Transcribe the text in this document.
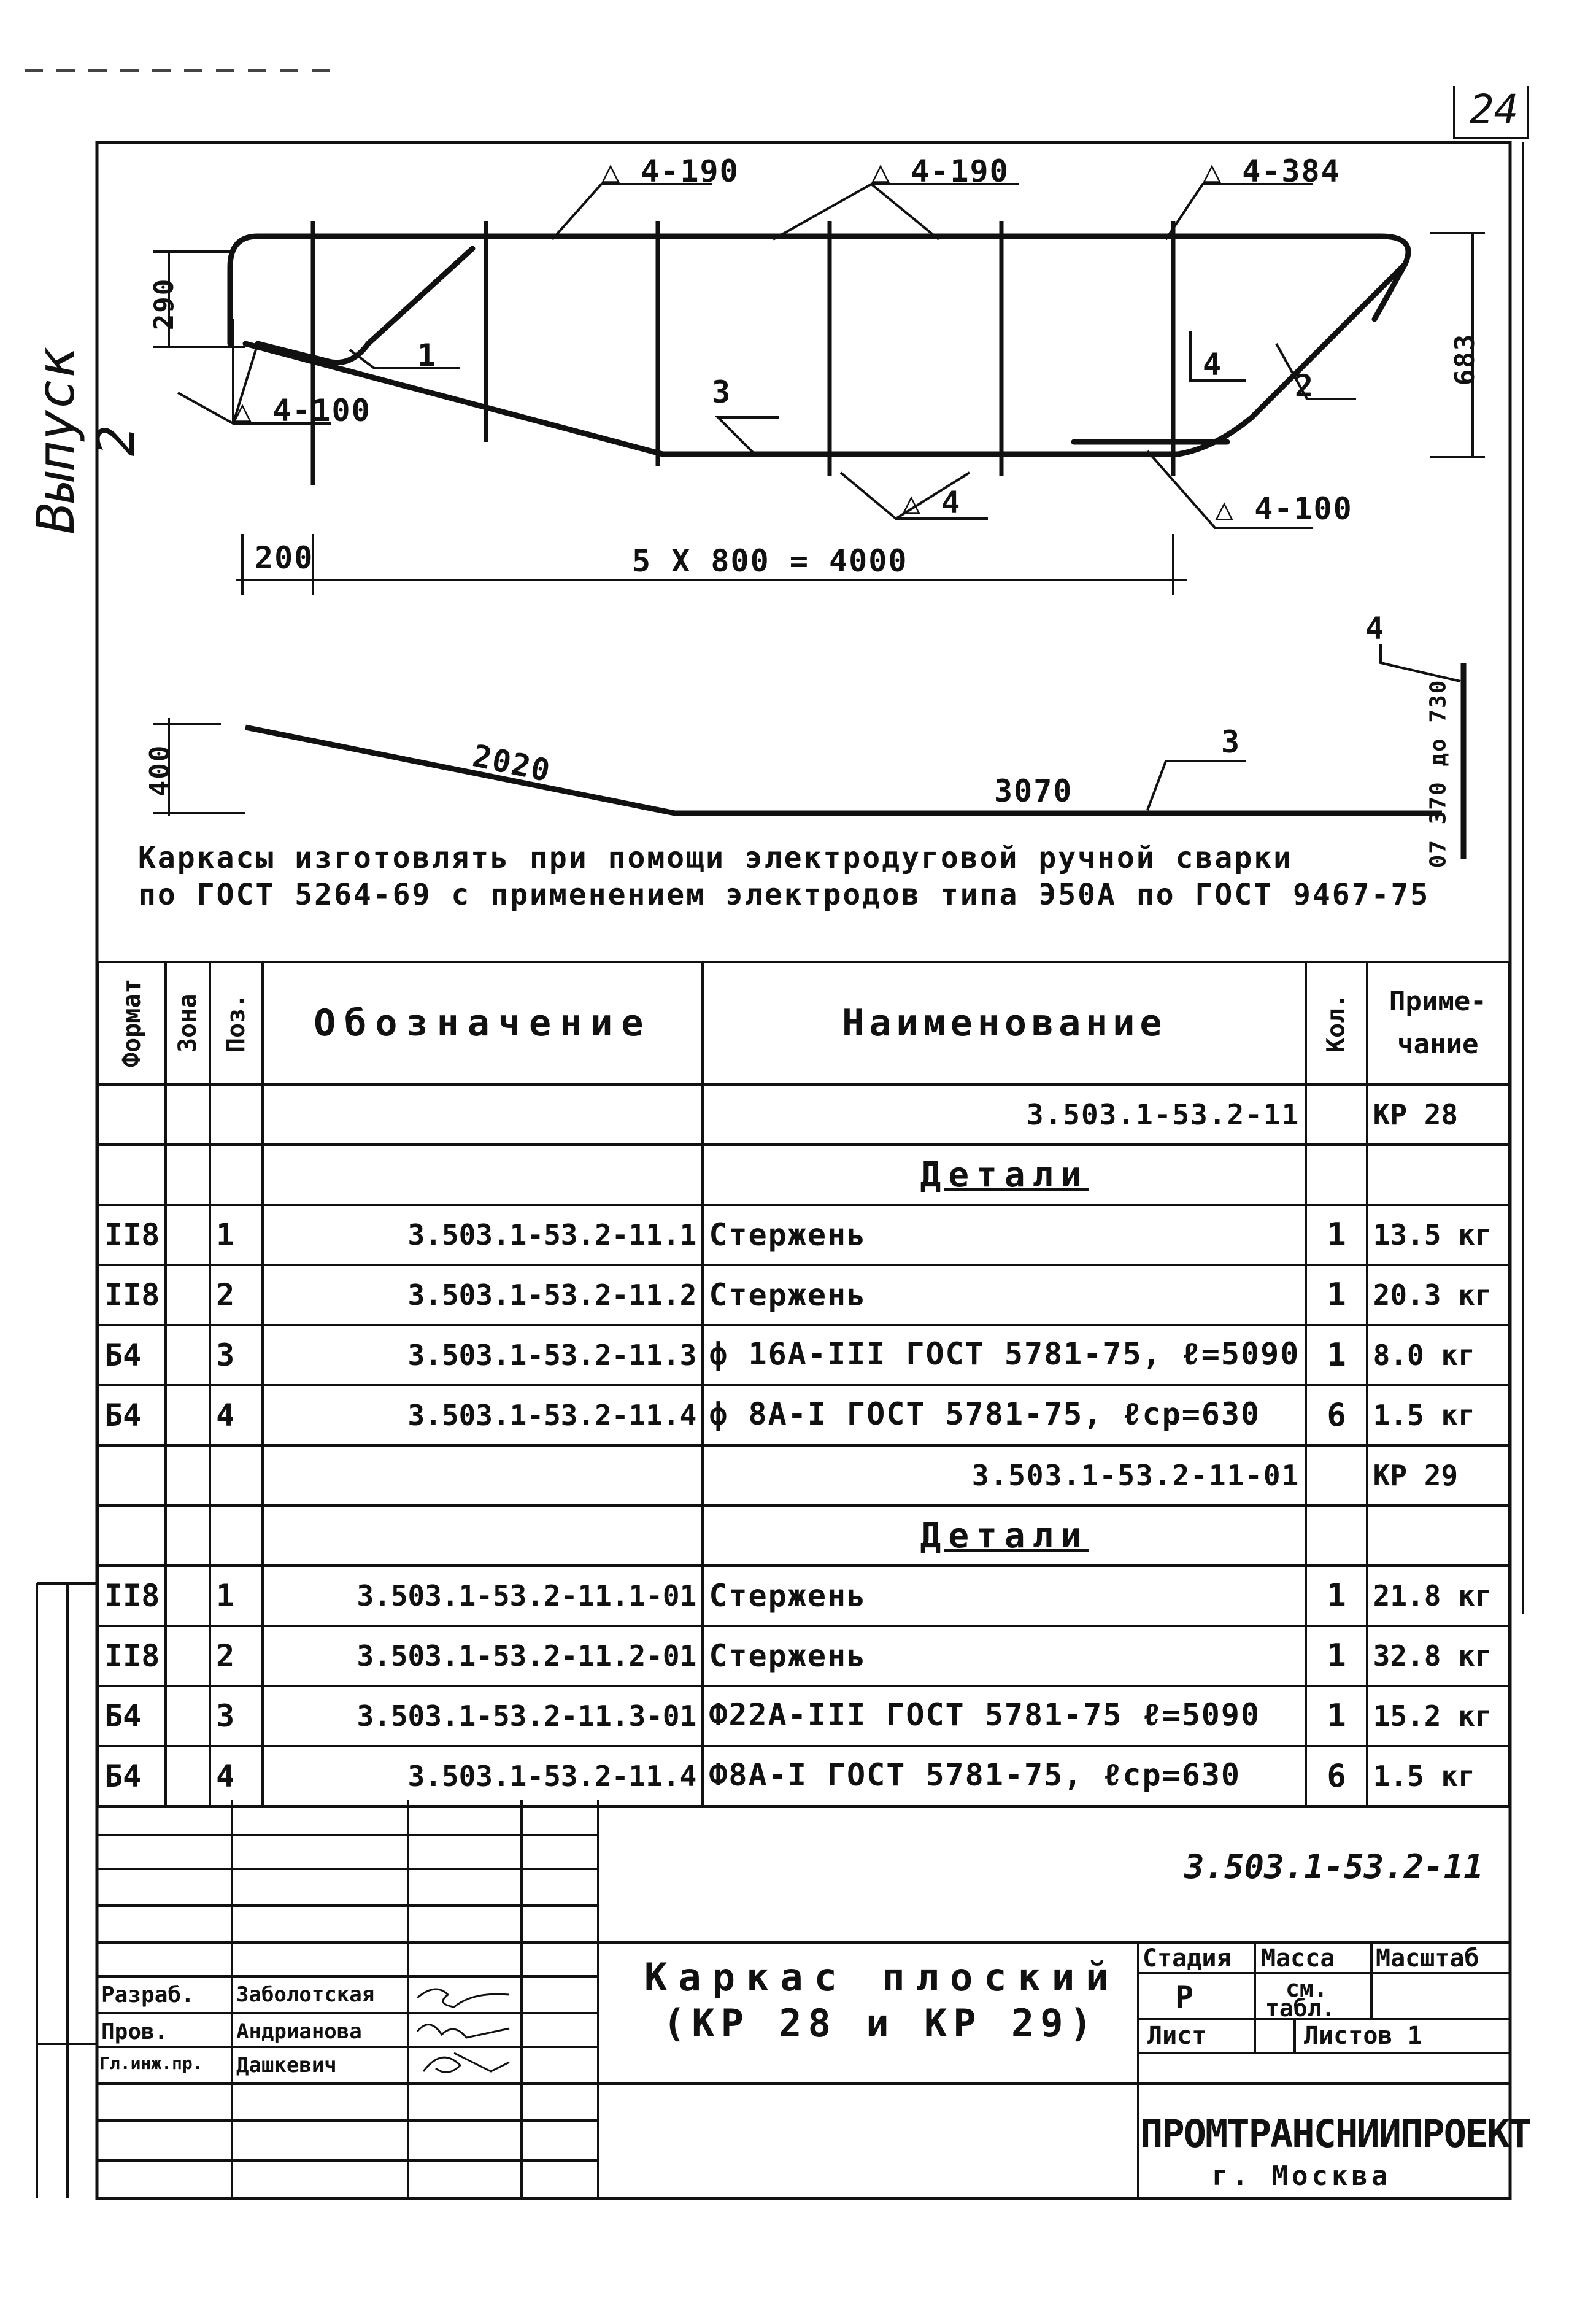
24
Выпуск 2
△ 4-190	△ 4-190	△ 4-384
△ 4-100
△ 4	△ 4-100
1
2
3
4
290
683
200	5 Х 800 = 4000
400	2020
3070
3
4
07 370 до 730
Каркасы изготовлять при помощи электродуговой ручной сварки
по ГОСТ 5264-69 с применением электродов типа Э50А по ГОСТ 9467-75
Формат	Зона	Поз.	Обозначение	Наименование	Кол.	Приме-чание
				3.503.1-53.2-11		КР 28
				Детали		
II8		1	3.503.1-53.2-11.1	Стержень	1	13.5 кг
II8		2	3.503.1-53.2-11.2	Стержень	1	20.3 кг
Б4		3	3.503.1-53.2-11.3	ф 16А-III ГОСТ 5781-75, ℓ=5090	1	8.0 кг
Б4		4	3.503.1-53.2-11.4	ф 8А-I ГОСТ 5781-75, ℓср=630	6	1.5 кг
				3.503.1-53.2-11-01		КР 29
				Детали		
II8		1	3.503.1-53.2-11.1-01	Стержень	1	21.8 кг
II8		2	3.503.1-53.2-11.2-01	Стержень	1	32.8 кг
Б4		3	3.503.1-53.2-11.3-01	Ф22А-III ГОСТ 5781-75 ℓ=5090	1	15.2 кг
Б4		4	3.503.1-53.2-11.4	Ф8А-I ГОСТ 5781-75, ℓср=630	6	1.5 кг
3.503.1-53.2-11
Каркас плоский
(КР 28 и КР 29)
Стадия Масса Масштаб
Р	см.
табл.
Лист	Листов 1
ПРОМТРАНСНИИПРОЕКТ
г. Москва
Разраб. Заболотская
Пров.	Андрианова
Гл.инж.пр. Дашкевич
